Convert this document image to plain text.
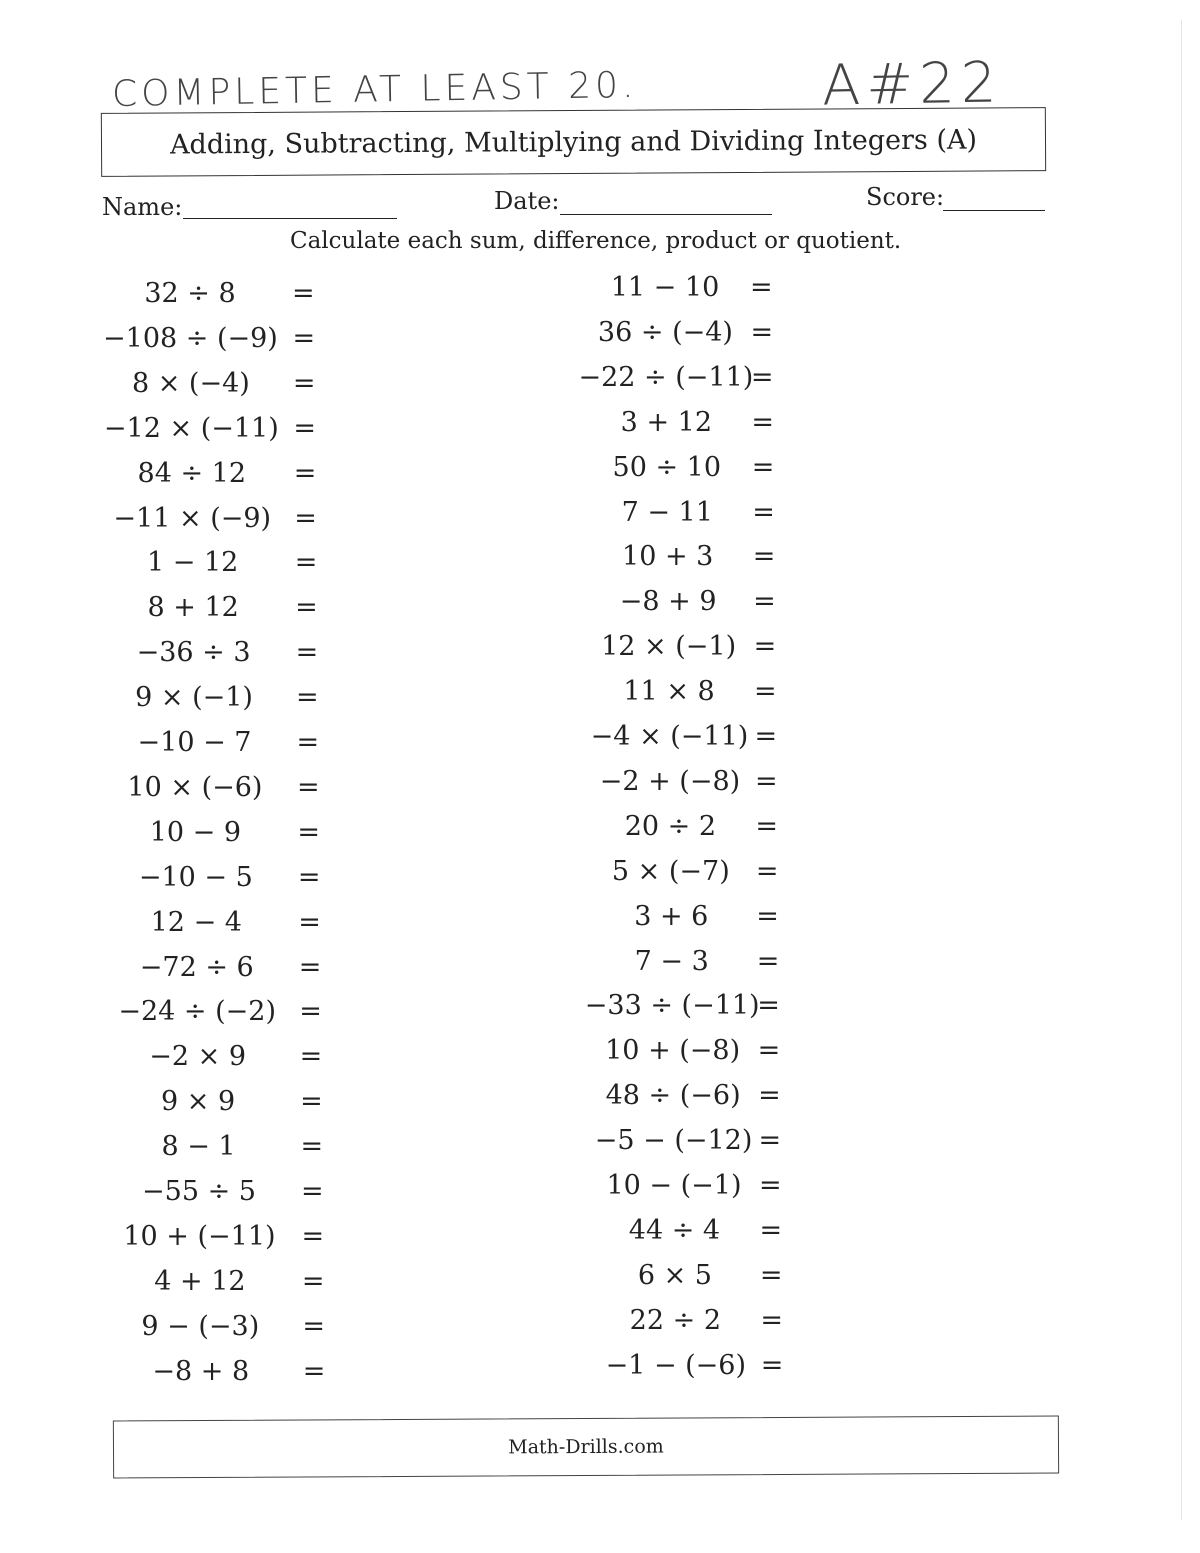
COMPLETE AT LEAST 20.	A#22
Adding, Subtracting, Multiplying and Dividing Integers (A)
Name:	Date:	Score:
Calculate each sum, difference, product or quotient.
32 ÷ 8 =
−108 ÷ (−9) =
8 × (−4) =
−12 × (−11) =
84 ÷ 12 =
−11 × (−9) =
1 − 12 =
8 + 12 =
−36 ÷ 3 =
9 × (−1) =
−10 − 7 =
10 × (−6) =
10 − 9 =
−10 − 5 =
12 − 4 =
−72 ÷ 6 =
−24 ÷ (−2) =
−2 × 9 =
9 × 9 =
8 − 1 =
−55 ÷ 5 =
10 + (−11) =
4 + 12 =
9 − (−3) =
−8 + 8 =
11 − 10 =
36 ÷ (−4) =
−22 ÷ (−11)
=
3 + 12 =
50 ÷ 10 =
7 − 11 =
10 + 3 =
−8 + 9 =
12 × (−1) =
11 × 8 =
−4 × (−11) =
−2 + (−8) =
20 ÷ 2 =
5 × (−7) =
3 + 6 =
7 − 3 =
−33 ÷ (−11)
=
10 + (−8) =
48 ÷ (−6) =
−5 − (−12) =
10 − (−1) =
44 ÷ 4 =
6 × 5 =
22 ÷ 2 =
−1 − (−6) =
Math-Drills.com
